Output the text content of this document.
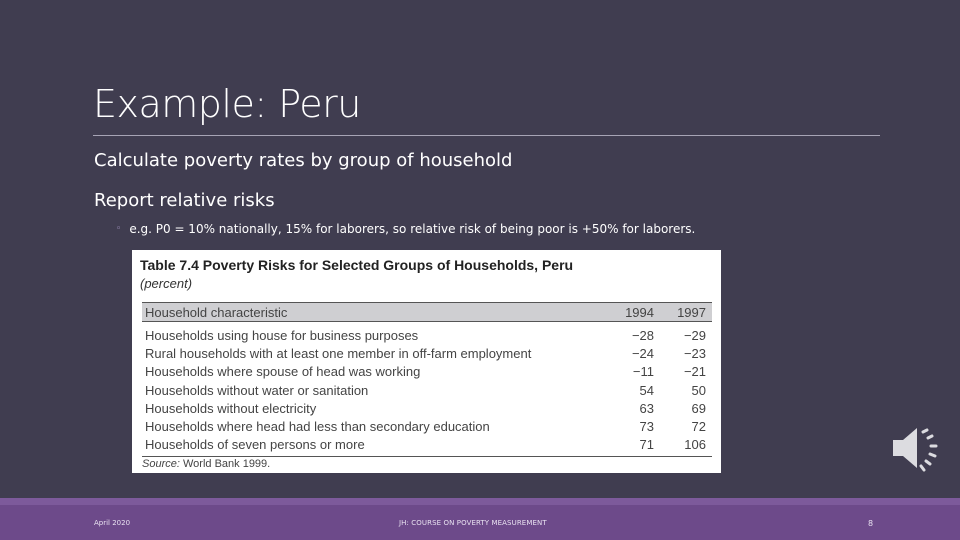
Example: Peru
Calculate poverty rates by group of household
Report relative risks
◦ e.g. P0 = 10% nationally, 15% for laborers, so relative risk of being poor is +50% for laborers.
Table 7.4 Poverty Risks for Selected Groups of Households, Peru
(percent)
Household characteristic	1994	1997
Households using house for business purposes	−28	−29
Rural households with at least one member in off-farm employment	−24	−23
Households where spouse of head was working	−11	−21
Households without water or sanitation	54	50
Households without electricity	63	69
Households where head had less than secondary education	73	72
Households of seven persons or more	71	106
Source: World Bank 1999.
April 2020	JH: COURSE ON POVERTY MEASUREMENT	8
